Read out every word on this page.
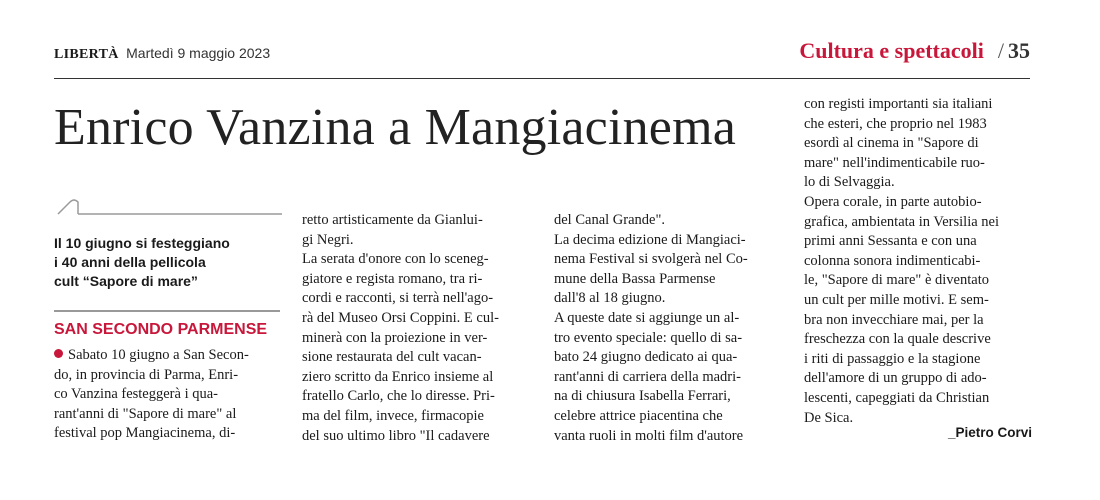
LIBERTÀ Martedì 9 maggio 2023	Cultura e spettacoli / 35
Enrico Vanzina a Mangiacinema
Il 10 giugno si festeggiano
i 40 anni della pellicola
cult “Sapore di mare”
SAN SECONDO PARMENSE
Sabato 10 giugno a San Secon-
do, in provincia di Parma, Enri-
co Vanzina festeggerà i qua-
rant'anni di "Sapore di mare" al
festival pop Mangiacinema, di-
retto artisticamente da Gianlui-
gi Negri.
La serata d'onore con lo sceneg-
giatore e regista romano, tra ri-
cordi e racconti, si terrà nell'ago-
rà del Museo Orsi Coppini. E cul-
minerà con la proiezione in ver-
sione restaurata del cult vacan-
ziero scritto da Enrico insieme al
fratello Carlo, che lo diresse. Pri-
ma del film, invece, firmacopie
del suo ultimo libro "Il cadavere
del Canal Grande".
La decima edizione di Mangiaci-
nema Festival si svolgerà nel Co-
mune della Bassa Parmense
dall'8 al 18 giugno.
A queste date si aggiunge un al-
tro evento speciale: quello di sa-
bato 24 giugno dedicato ai qua-
rant'anni di carriera della madri-
na di chiusura Isabella Ferrari,
celebre attrice piacentina che
vanta ruoli in molti film d'autore
con registi importanti sia italiani
che esteri, che proprio nel 1983
esordì al cinema in "Sapore di
mare" nell'indimenticabile ruo-
lo di Selvaggia.
Opera corale, in parte autobio-
grafica, ambientata in Versilia nei
primi anni Sessanta e con una
colonna sonora indimenticabi-
le, "Sapore di mare" è diventato
un cult per mille motivi. E sem-
bra non invecchiare mai, per la
freschezza con la quale descrive
i riti di passaggio e la stagione
dell'amore di un gruppo di ado-
lescenti, capeggiati da Christian
De Sica.
_Pietro Corvi
